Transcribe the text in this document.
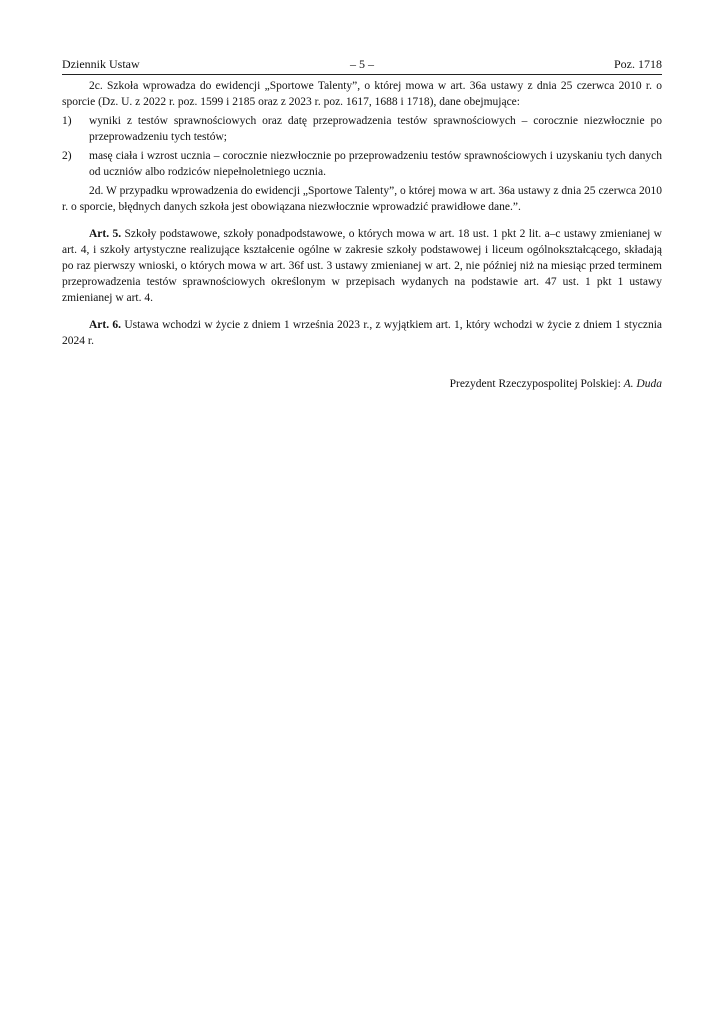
Dziennik Ustaw	– 5 –	Poz. 1718

2c. Szkoła wprowadza do ewidencji „Sportowe Talenty”, o której mowa w art. 36a ustawy z dnia 25 czerwca 2010 r. o sporcie (Dz. U. z 2022 r. poz. 1599 i 2185 oraz z 2023 r. poz. 1617, 1688 i 1718), dane obejmujące:

1) wyniki z testów sprawnościowych oraz datę przeprowadzenia testów sprawnościowych – corocznie niezwłocznie po przeprowadzeniu tych testów;
2) masę ciała i wzrost ucznia – corocznie niezwłocznie po przeprowadzeniu testów sprawnościowych i uzyskaniu tych danych od uczniów albo rodziców niepełnoletniego ucznia.

2d. W przypadku wprowadzenia do ewidencji „Sportowe Talenty”, o której mowa w art. 36a ustawy z dnia 25 czerwca 2010 r. o sporcie, błędnych danych szkoła jest obowiązana niezwłocznie wprowadzić prawidłowe dane.”.

Art. 5. Szkoły podstawowe, szkoły ponadpodstawowe, o których mowa w art. 18 ust. 1 pkt 2 lit. a–c ustawy zmienianej w art. 4, i szkoły artystyczne realizujące kształcenie ogólne w zakresie szkoły podstawowej i liceum ogólnokształcącego, składają po raz pierwszy wnioski, o których mowa w art. 36f ust. 3 ustawy zmienianej w art. 2, nie później niż na miesiąc przed terminem przeprowadzenia testów sprawnościowych określonym w przepisach wydanych na podstawie art. 47 ust. 1 pkt 1 ustawy zmienianej w art. 4.

Art. 6. Ustawa wchodzi w życie z dniem 1 września 2023 r., z wyjątkiem art. 1, który wchodzi w życie z dniem 1 stycznia 2024 r.

Prezydent Rzeczypospolitej Polskiej: A. Duda
